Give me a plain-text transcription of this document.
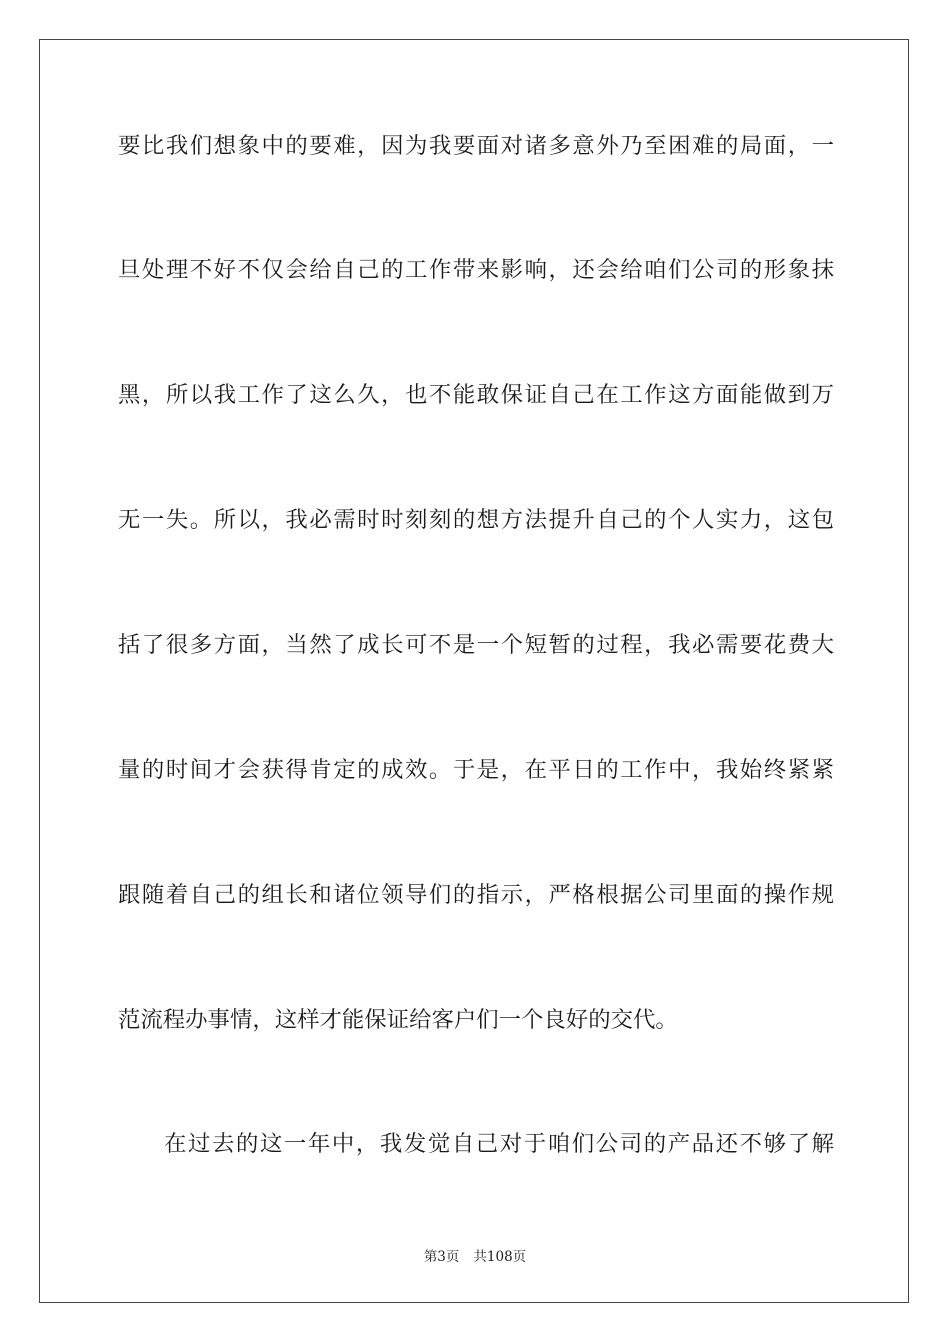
要比我们想象中的要难，因为我要面对诸多意外乃至困难的局面，一
旦处理不好不仅会给自己的工作带来影响，还会给咱们公司的形象抹
黑，所以我工作了这么久，也不能敢保证自己在工作这方面能做到万
无一失。所以，我必需时时刻刻的想方法提升自己的个人实力，这包
括了很多方面，当然了成长可不是一个短暂的过程，我必需要花费大
量的时间才会获得肯定的成效。于是，在平日的工作中，我始终紧紧
跟随着自己的组长和诸位领导们的指示，严格根据公司里面的操作规
范流程办事情，这样才能保证给客户们一个良好的交代。
在过去的这一年中，我发觉自己对于咱们公司的产品还不够了解
第3页 共108页
